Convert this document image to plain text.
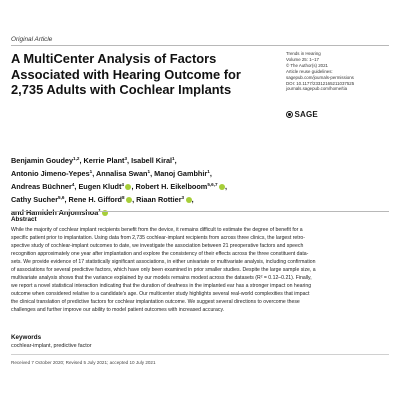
Original Article
A MultiCenter Analysis of Factors
Associated with Hearing Outcome for
2,735 Adults with Cochlear Implants
Trends in Hearing
Volume 25: 1–17
© The Author(s) 2021
Article reuse guidelines:
sagepub.com/journals-permissions
DOI: 10.1177/23312165211037525
journals.sagepub.com/home/tia
SAGE
Benjamin Goudey$^{1,2}$, Kerrie Plant$^3$, Isabell Kiral$^1$,
Antonio Jimeno-Yepes$^1$, Annalisa Swan$^1$, Manoj Gambhir$^1$,
Andreas Büchner$^4$, Eugen Kludt$^4$ , Robert H. Eikelboom$^{5,6,7}$ ,
Cathy Sucher$^{5,6}$, Rene H. Gifford$^8$ , Riaan Rottier$^3$ ,
and Hamideh Anjomshoa$^1$
Abstract
While the majority of cochlear implant recipients benefit from the device, it remains difficult to estimate the degree of benefit for a
specific patient prior to implantation. Using data from 2,735 cochlear-implant recipients from across three clinics, the largest retro-
spective study of cochlear-implant outcomes to date, we investigate the association between 21 preoperative factors and speech
recognition approximately one year after implantation and explore the consistency of their effects across the three constituent data-
sets. We provide evidence of 17 statistically significant associations, in either univariate or multivariate analysis, including confirmation
of associations for several predictive factors, which have only been examined in prior smaller studies. Despite the large sample size, a
multivariate analysis shows that the variance explained by our models remains modest across the datasets (R² = 0.12–0.21). Finally,
we report a novel statistical interaction indicating that the duration of deafness in the implanted ear has a stronger impact on hearing
outcome when considered relative to a candidate's age. Our multicenter study highlights several real-world complexities that impact
the clinical translation of predictive factors for cochlear implantation outcome. We suggest several directions to overcome these
challenges and further improve our ability to model patient outcomes with increased accuracy.
Keywords
cochlear-implant, predictive factor
Received 7 October 2020; Revised 5 July 2021; accepted 10 July 2021
